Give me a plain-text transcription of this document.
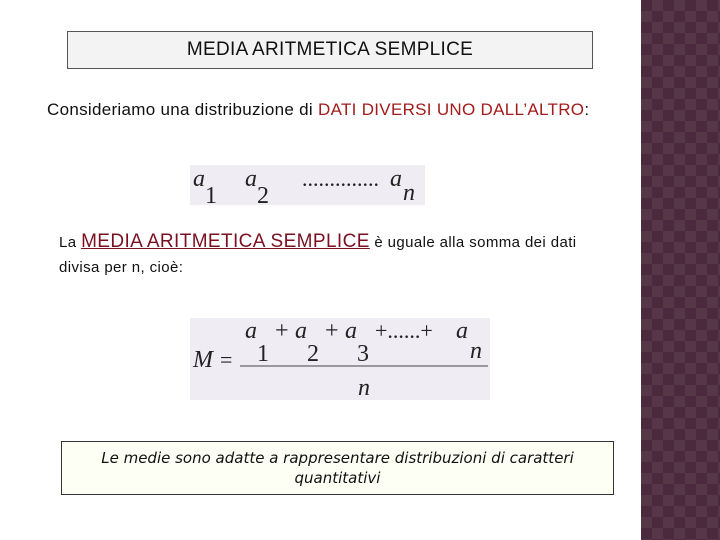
MEDIA ARITMETICA SEMPLICE
Consideriamo una distribuzione di DATI DIVERSI UNO DALL’ALTRO:
a
1
a
2
.............. a
n
La MEDIA ARITMETICA SEMPLICE è uguale alla somma dei dati divisa per n, cioè:
M =
a
1
+ a
2
+ a
3
+......+ a
n
n
Le medie sono adatte a rappresentare distribuzioni di caratteri quantitativi
